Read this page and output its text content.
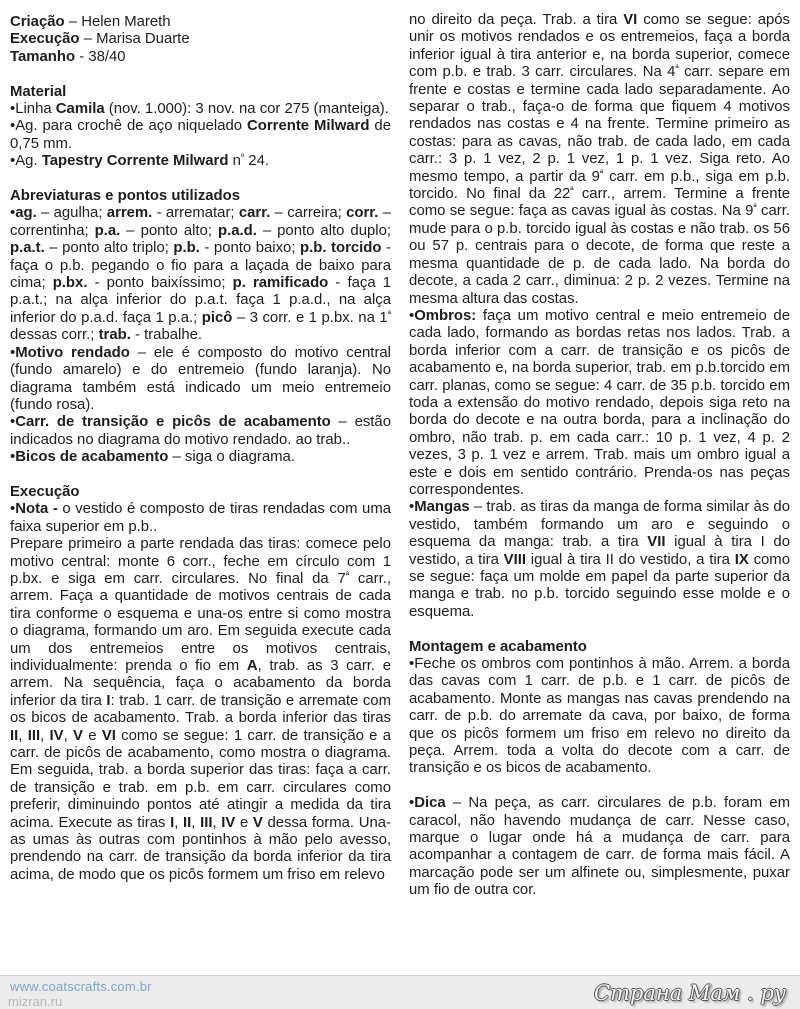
Criação – Helen Mareth

Execução – Marisa Duarte

Tamanho - 38/40

Material

•Linha Camila (nov. 1.000): 3 nov. na cor 275 (manteiga).

•Ag. para crochê de aço niquelado Corrente Milward de 0,75 mm.

•Ag. Tapestry Corrente Milward $n^º$ 24.

Abreviaturas e pontos utilizados

•ag. – agulha; arrem. - arrematar; carr. – carreira; corr. – correntinha; p.a. – ponto alto; p.a.d. – ponto alto duplo; p.a.t. – ponto alto triplo; p.b. - ponto baixo; p.b. torcido - faça o p.b. pegando o fio para a laçada de baixo para cima; p.bx. - ponto baixíssimo; p. ramificado - faça 1 p.a.t.; na alça inferior do p.a.t. faça 1 p.a.d., na alça inferior do p.a.d. faça 1 p.a.; picô – 3 corr. e 1 p.bx. na $1^ª$ dessas corr.; trab. - trabalhe.

•Motivo rendado – ele é composto do motivo central (fundo amarelo) e do entremeio (fundo laranja). No diagrama também está indicado um meio entremeio (fundo rosa).

•Carr. de transição e picôs de acabamento – estão indicados no diagrama do motivo rendado. ao trab..

•Bicos de acabamento – siga o diagrama.

Execução

•Nota - o vestido é composto de tiras rendadas com uma faixa superior em p.b..

Prepare primeiro a parte rendada das tiras: comece pelo motivo central: monte 6 corr., feche em círculo com 1 p.bx. e siga em carr. circulares. No final da $7^ª$ carr., arrem. Faça a quantidade de motivos centrais de cada tira conforme o esquema e una-os entre si como mostra o diagrama, formando um aro. Em seguida execute cada um dos entremeios entre os motivos centrais, individualmente: prenda o fio em A, trab. as 3 carr. e arrem. Na sequência, faça o acabamento da borda inferior da tira I: trab. 1 carr. de transição e arremate com os bicos de acabamento. Trab. a borda inferior das tiras II, III, IV, V e VI como se segue: 1 carr. de transição e a carr. de picôs de acabamento, como mostra o diagrama. Em seguida, trab. a borda superior das tiras: faça a carr. de transição e trab. em p.b. em carr. circulares como preferir, diminuindo pontos até atingir a medida da tira acima. Execute as tiras I, II, III, IV e V dessa forma. Una-as umas às outras com pontinhos à mão pelo avesso, prendendo na carr. de transição da borda inferior da tira acima, de modo que os picôs formem um friso em relevo

no direito da peça. Trab. a tira VI como se segue: após unir os motivos rendados e os entremeios, faça a borda inferior igual à tira anterior e, na borda superior, comece com p.b. e trab. 3 carr. circulares. Na $4^ª$ carr. separe em frente e costas e termine cada lado separadamente. Ao separar o trab., faça-o de forma que fiquem 4 motivos rendados nas costas e 4 na frente. Termine primeiro as costas: para as cavas, não trab. de cada lado, em cada carr.: 3 p. 1 vez, 2 p. 1 vez, 1 p. 1 vez. Siga reto. Ao mesmo tempo, a partir da $9^ª$ carr. em p.b., siga em p.b. torcido. No final da $22^ª$ carr., arrem. Termine a frente como se segue: faça as cavas igual às costas. Na $9^ª$ carr. mude para o p.b. torcido igual às costas e não trab. os 56 ou 57 p. centrais para o decote, de forma que reste a mesma quantidade de p. de cada lado. Na borda do decote, a cada 2 carr., diminua: 2 p. 2 vezes. Termine na mesma altura das costas.

•Ombros: faça um motivo central e meio entremeio de cada lado, formando as bordas retas nos lados. Trab. a borda inferior com a carr. de transição e os picôs de acabamento e, na borda superior, trab. em p.b.torcido em carr. planas, como se segue: 4 carr. de 35 p.b. torcido em toda a extensão do motivo rendado, depois siga reto na borda do decote e na outra borda, para a inclinação do ombro, não trab. p. em cada carr.: 10 p. 1 vez, 4 p. 2 vezes, 3 p. 1 vez e arrem. Trab. mais um ombro igual a este e dois em sentido contrário. Prenda-os nas peças correspondentes.

•Mangas – trab. as tiras da manga de forma similar às do vestido, também formando um aro e seguindo o esquema da manga: trab. a tira VII igual à tira I do vestido, a tira VIII igual à tira II do vestido, a tira IX como se segue: faça um molde em papel da parte superior da manga e trab. no p.b. torcido seguindo esse molde e o esquema.

Montagem e acabamento

•Feche os ombros com pontinhos à mão. Arrem. a borda das cavas com 1 carr. de p.b. e 1 carr. de picôs de acabamento. Monte as mangas nas cavas prendendo na carr. de p.b. do arremate da cava, por baixo, de forma que os picôs formem um friso em relevo no direito da peça. Arrem. toda a volta do decote com a carr. de transição e os bicos de acabamento.

•Dica – Na peça, as carr. circulares de p.b. foram em caracol, não havendo mudança de carr. Nesse caso, marque o lugar onde há a mudança de carr. para acompanhar a contagem de carr. de forma mais fácil. A marcação pode ser um alfinete ou, simplesmente, puxar um fio de outra cor.

www.coatscrafts.com.br
mizran.ru	Страна Мам . ру
